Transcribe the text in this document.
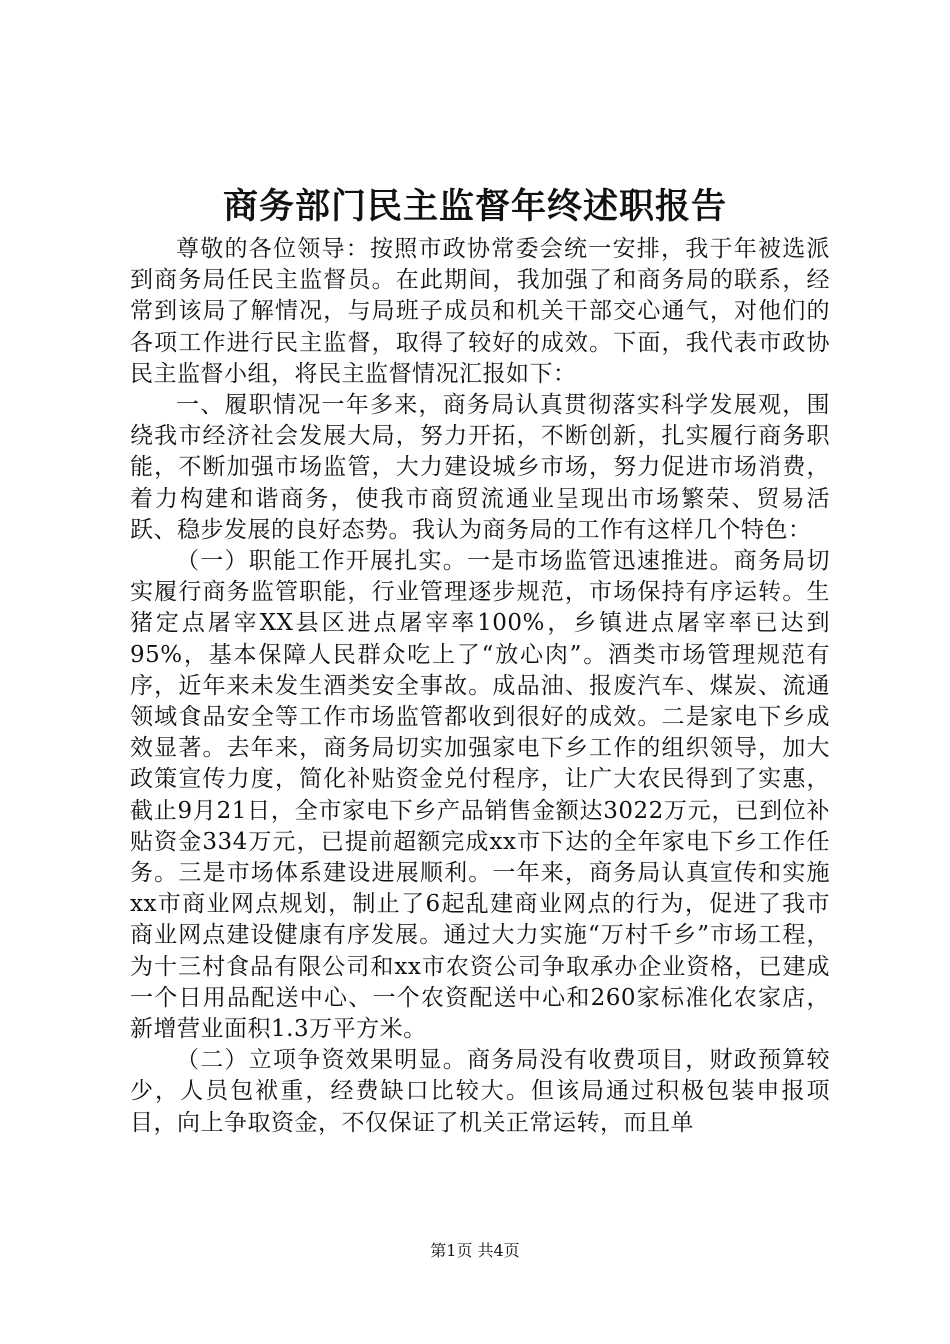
商务部门民主监督年终述职报告

尊敬的各位领导：按照市政协常委会统一安排，我于年被选派到商务局任民主监督员。在此期间，我加强了和商务局的联系，经常到该局了解情况，与局班子成员和机关干部交心通气，对他们的各项工作进行民主监督，取得了较好的成效。下面，我代表市政协民主监督小组，将民主监督情况汇报如下：

一、履职情况一年多来，商务局认真贯彻落实科学发展观，围绕我市经济社会发展大局，努力开拓，不断创新，扎实履行商务职能，不断加强市场监管，大力建设城乡市场，努力促进市场消费，着力构建和谐商务，使我市商贸流通业呈现出市场繁荣、贸易活跃、稳步发展的良好态势。我认为商务局的工作有这样几个特色：

（一）职能工作开展扎实。一是市场监管迅速推进。商务局切实履行商务监管职能，行业管理逐步规范，市场保持有序运转。生猪定点屠宰XX县区进点屠宰率100%，乡镇进点屠宰率已达到95%，基本保障人民群众吃上了“放心肉”。酒类市场管理规范有序，近年来未发生酒类安全事故。成品油、报废汽车、煤炭、流通领域食品安全等工作市场监管都收到很好的成效。二是家电下乡成效显著。去年来，商务局切实加强家电下乡工作的组织领导，加大政策宣传力度，简化补贴资金兑付程序，让广大农民得到了实惠，截止9月21日，全市家电下乡产品销售金额达3022万元，已到位补贴资金334万元，已提前超额完成xx市下达的全年家电下乡工作任务。三是市场体系建设进展顺利。一年来，商务局认真宣传和实施xx市商业网点规划，制止了6起乱建商业网点的行为，促进了我市商业网点建设健康有序发展。通过大力实施“万村千乡”市场工程，为十三村食品有限公司和xx市农资公司争取承办企业资格，已建成一个日用品配送中心、一个农资配送中心和260家标准化农家店，新增营业面积1.3万平方米。

（二）立项争资效果明显。商务局没有收费项目，财政预算较少，人员包袱重，经费缺口比较大。但该局通过积极包装申报项目，向上争取资金，不仅保证了机关正常运转，而且单

第1页 共4页
